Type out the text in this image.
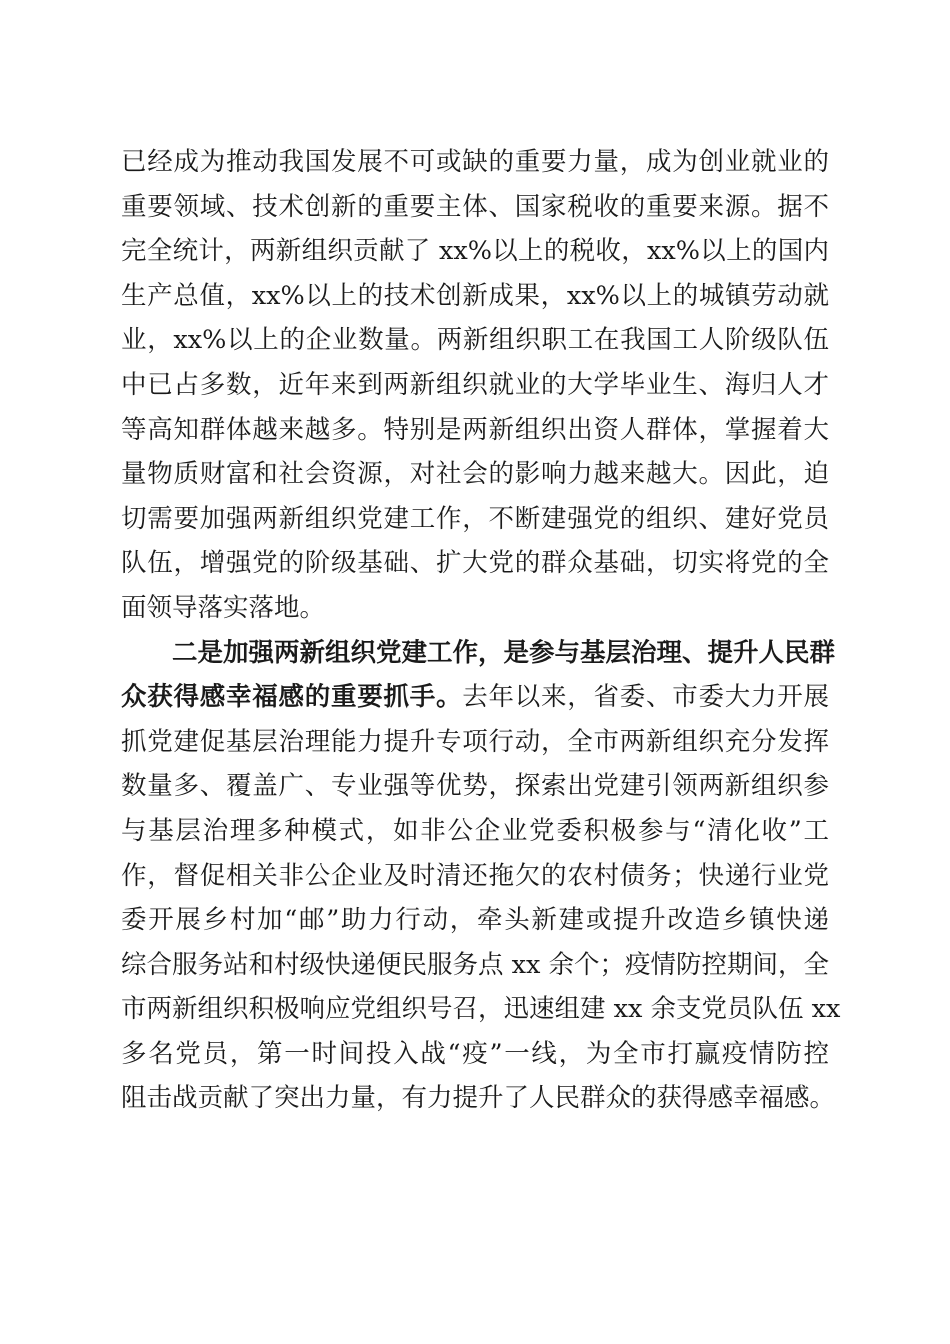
已经成为推动我国发展不可或缺的重要力量，成为创业就业的
重要领域、技术创新的重要主体、国家税收的重要来源。据不
完全统计，两新组织贡献了 xx%以上的税收，xx%以上的国内
生产总值，xx%以上的技术创新成果，xx%以上的城镇劳动就
业，xx%以上的企业数量。两新组织职工在我国工人阶级队伍
中已占多数，近年来到两新组织就业的大学毕业生、海归人才
等高知群体越来越多。特别是两新组织出资人群体，掌握着大
量物质财富和社会资源，对社会的影响力越来越大。因此，迫
切需要加强两新组织党建工作，不断建强党的组织、建好党员
队伍，增强党的阶级基础、扩大党的群众基础，切实将党的全
面领导落实落地。
二是加强两新组织党建工作，是参与基层治理、提升人民群
众获得感幸福感的重要抓手。去年以来，省委、市委大力开展
抓党建促基层治理能力提升专项行动，全市两新组织充分发挥
数量多、覆盖广、专业强等优势，探索出党建引领两新组织参
与基层治理多种模式，如非公企业党委积极参与“清化收”工
作，督促相关非公企业及时清还拖欠的农村债务；快递行业党
委开展乡村加“邮”助力行动，牵头新建或提升改造乡镇快递
综合服务站和村级快递便民服务点 xx 余个；疫情防控期间，全
市两新组织积极响应党组织号召，迅速组建 xx 余支党员队伍 xx
多名党员，第一时间投入战“疫”一线，为全市打赢疫情防控
阻击战贡献了突出力量，有力提升了人民群众的获得感幸福感。
